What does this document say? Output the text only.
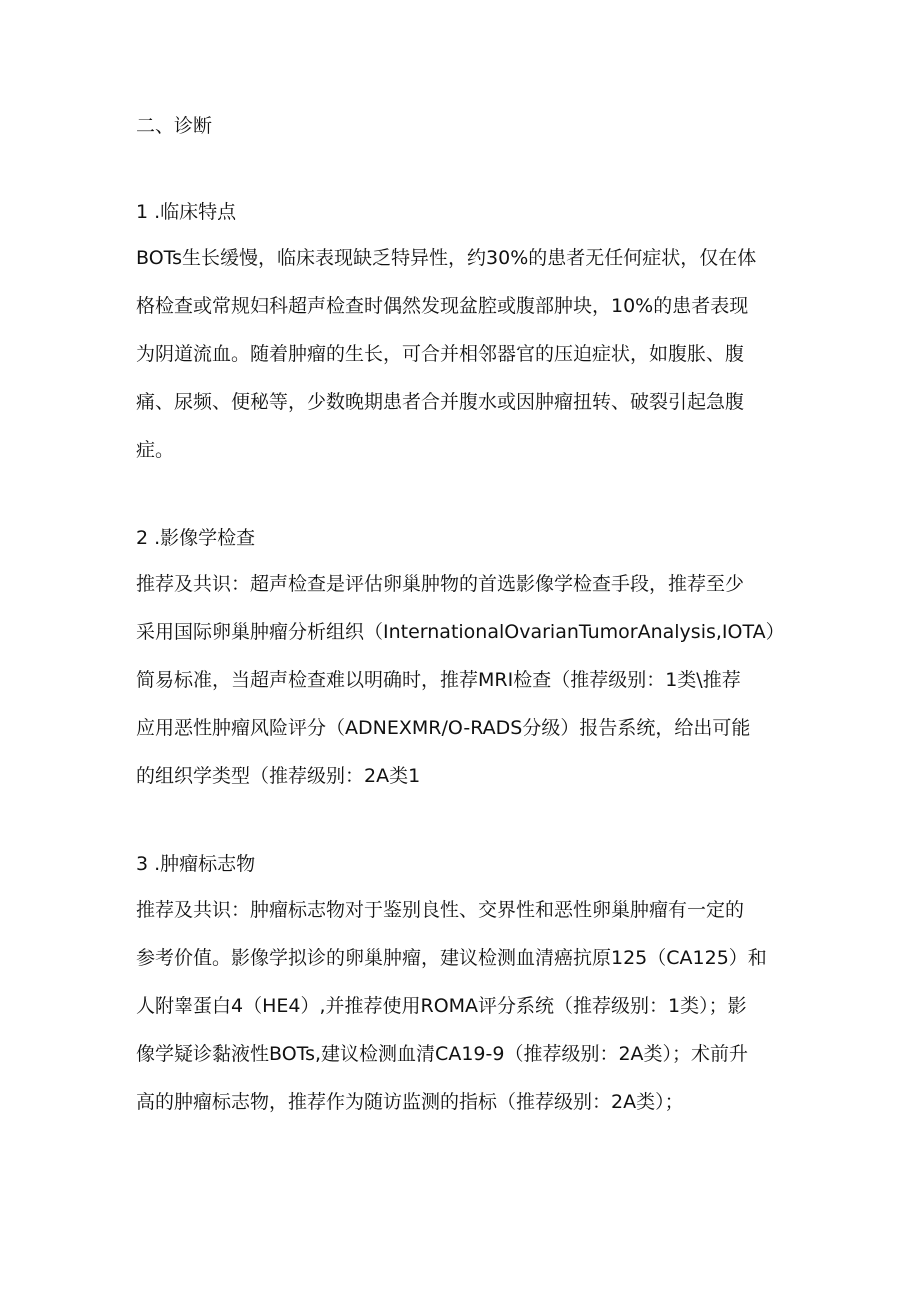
二、诊断
1 .临床特点

BOTs生长缓慢，临床表现缺乏特异性，约30%的患者无任何症状，仅在体
格检查或常规妇科超声检查时偶然发现盆腔或腹部肿块，10%的患者表现
为阴道流血。随着肿瘤的生长，可合并相邻器官的压迫症状，如腹胀、腹
痛、尿频、便秘等，少数晚期患者合并腹水或因肿瘤扭转、破裂引起急腹
症。

2 .影像学检查

推荐及共识：超声检查是评估卵巢肿物的首选影像学检查手段，推荐至少
采用国际卵巢肿瘤分析组织（InternationalOvarianTumorAnalysis,IOTA）
简易标准，当超声检查难以明确时，推荐MRI检查（推荐级别：1类\推荐
应用恶性肿瘤风险评分（ADNEXMR/O-RADS分级）报告系统，给出可能
的组织学类型（推荐级别：2A类1

3 .肿瘤标志物

推荐及共识：肿瘤标志物对于鉴别良性、交界性和恶性卵巢肿瘤有一定的
参考价值。影像学拟诊的卵巢肿瘤，建议检测血清癌抗原125（CA125）和
人附睾蛋白4（HE4）,并推荐使用ROMA评分系统（推荐级别：1类）；影
像学疑诊黏液性BOTs,建议检测血清CA19-9（推荐级别：2A类）；术前升
高的肿瘤标志物，推荐作为随访监测的指标（推荐级别：2A类）；
